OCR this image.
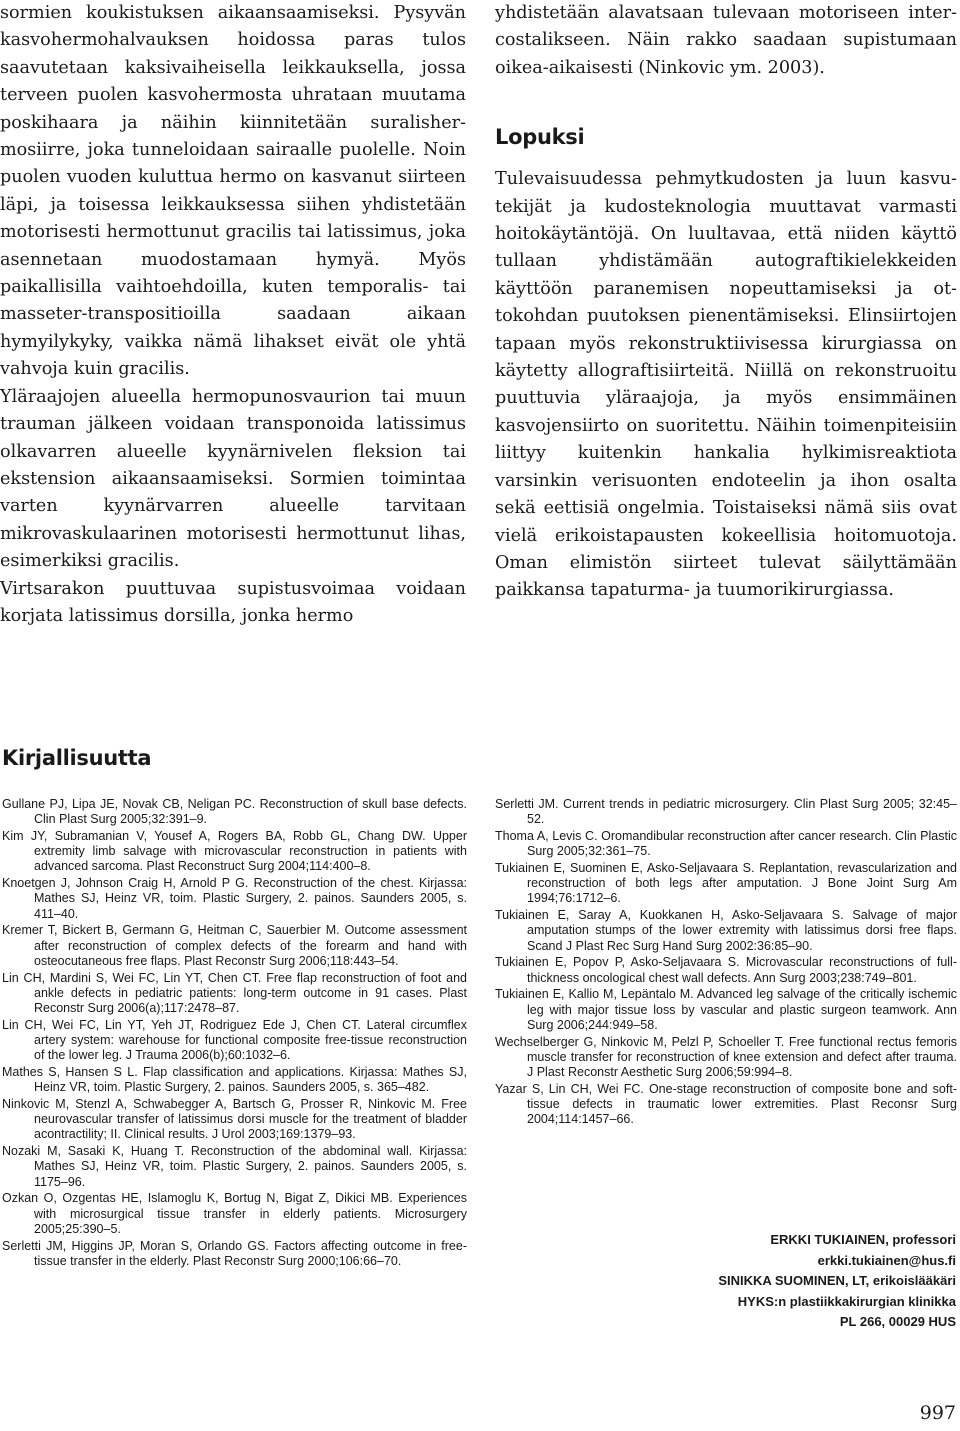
sormien koukistuksen aikaansaamiseksi. Pysyvän kasvohermohalvauksen hoidossa paras tulos saavutetaan kaksivaiheisella leikkauksella, jossa terveen puolen kasvohermosta uhrataan muutama poskihaara ja näihin kiinnitetään suralishermosiirre, joka tunneloidaan sairaalle puolelle. Noin puolen vuoden kuluttua hermo on kasvanut siirteen läpi, ja toisessa leikkauksessa siihen yhdistetään motorisesti hermottunut gracilis tai latissimus, joka asennetaan muodostamaan hymyä. Myös paikallisilla vaihtoehdoilla, kuten temporalis- tai masseter-transpositioilla saadaan aikaan hymyilykyky, vaikka nämä lihakset eivät ole yhtä vahvoja kuin gracilis.

Yläraajojen alueella hermopunosvaurion tai muun trauman jälkeen voidaan transponoida latissimus olkavarren alueelle kyynärnivelen fleksion tai ekstension aikaansaamiseksi. Sormien toimintaa varten kyynärvarren alueelle tarvitaan mikrovaskulaarinen motorisesti hermottunut lihas, esimerkiksi gracilis.

Virtsarakon puuttuvaa supistusvoimaa voidaan korjata latissimus dorsilla, jonka hermo

yhdistetään alavatsaan tulevaan motoriseen intercostalikseen. Näin rakko saadaan supistumaan oikea-aikaisesti (Ninkovic ym. 2003).

Tulevaisuudessa pehmytkudosten ja luun kasvutekijät ja kudosteknologia muuttavat varmasti hoitokäytäntöjä. On luultavaa, että niiden käyttö tullaan yhdistämään autograftikielekkeiden käyttöön paranemisen nopeuttamiseksi ja ottokohdan puutoksen pienentämiseksi. Elinsiirtojen tapaan myös rekonstruktiivisessa kirurgiassa on käytetty allograftisiirteitä. Niillä on rekonstruoitu puuttuvia yläraajoja, ja myös ensimmäinen kasvojensiirto on suoritettu. Näihin toimenpiteisiin liittyy kuitenkin hankalia hylkimisreaktiota varsinkin verisuonten endoteelin ja ihon osalta sekä eettisiä ongelmia. Toistaiseksi nämä siis ovat vielä erikoistapausten kokeellisia hoitomuotoja. Oman elimistön siirteet tulevat säilyttämään paikkansa tapaturma- ja tuumorikirurgiassa.

Lopuksi
Kirjallisuutta

Gullane PJ, Lipa JE, Novak CB, Neligan PC. Reconstruction of skull base defects. Clin Plast Surg 2005;32:391–9.

Kim JY, Subramanian V, Yousef A, Rogers BA, Robb GL, Chang DW. Upper extremity limb salvage with microvascular reconstruction in patients with advanced sarcoma. Plast Reconstruct Surg 2004;114:400–8.

Knoetgen J, Johnson Craig H, Arnold P G. Reconstruction of the chest. Kirjassa: Mathes SJ, Heinz VR, toim. Plastic Surgery, 2. painos. Saunders 2005, s. 411–40.

Kremer T, Bickert B, Germann G, Heitman C, Sauerbier M. Outcome assessment after reconstruction of complex defects of the forearm and hand with osteocutaneous free flaps. Plast Reconstr Surg 2006;118:443–54.

Lin CH, Mardini S, Wei FC, Lin YT, Chen CT. Free flap reconstruction of foot and ankle defects in pediatric patients: long-term outcome in 91 cases. Plast Reconstr Surg 2006(a);117:2478–87.

Lin CH, Wei FC, Lin YT, Yeh JT, Rodriguez Ede J, Chen CT. Lateral circumflex artery system: warehouse for functional composite free-tissue reconstruction of the lower leg. J Trauma 2006(b);60:1032–6.

Mathes S, Hansen S L. Flap classification and applications. Kirjassa: Mathes SJ, Heinz VR, toim. Plastic Surgery, 2. painos. Saunders 2005, s. 365–482.

Ninkovic M, Stenzl A, Schwabegger A, Bartsch G, Prosser R, Ninkovic M. Free neurovascular transfer of latissimus dorsi muscle for the treatment of bladder acontractility; II. Clinical results. J Urol 2003;169:1379–93.

Nozaki M, Sasaki K, Huang T. Reconstruction of the abdominal wall. Kirjassa: Mathes SJ, Heinz VR, toim. Plastic Surgery, 2. painos. Saunders 2005, s. 1175–96.

Ozkan O, Ozgentas HE, Islamoglu K, Bortug N, Bigat Z, Dikici MB. Experiences with microsurgical tissue transfer in elderly patients. Microsurgery 2005;25:390–5.

Serletti JM, Higgins JP, Moran S, Orlando GS. Factors affecting outcome in free-tissue transfer in the elderly. Plast Reconstr Surg 2000;106:66–70.

Serletti JM. Current trends in pediatric microsurgery. Clin Plast Surg 2005; 32:45–52.

Thoma A, Levis C. Oromandibular reconstruction after cancer research. Clin Plastic Surg 2005;32:361–75.

Tukiainen E, Suominen E, Asko-Seljavaara S. Replantation, revascularization and reconstruction of both legs after amputation. J Bone Joint Surg Am 1994;76:1712–6.

Tukiainen E, Saray A, Kuokkanen H, Asko-Seljavaara S. Salvage of major amputation stumps of the lower extremity with latissimus dorsi free flaps. Scand J Plast Rec Surg Hand Surg 2002:36:85–90.

Tukiainen E, Popov P, Asko-Seljavaara S. Microvascular reconstructions of full-thickness oncological chest wall defects. Ann Surg 2003;238:749–801.

Tukiainen E, Kallio M, Lepäntalo M. Advanced leg salvage of the critically ischemic leg with major tissue loss by vascular and plastic surgeon teamwork. Ann Surg 2006;244:949–58.

Wechselberger G, Ninkovic M, Pelzl P, Schoeller T. Free functional rectus femoris muscle transfer for reconstruction of knee extension and defect after trauma. J Plast Reconstr Aesthetic Surg 2006;59:994–8.

Yazar S, Lin CH, Wei FC. One-stage reconstruction of composite bone and soft-tissue defects in traumatic lower extremities. Plast Reconsr Surg 2004;114:1457–66.

ERKKI TUKIAINEN, professori
erkki.tukiainen@hus.fi
SINIKKA SUOMINEN, LT, erikoislääkäri
HYKS:n plastiikkakirurgian klinikka
PL 266, 00029 HUS
997
